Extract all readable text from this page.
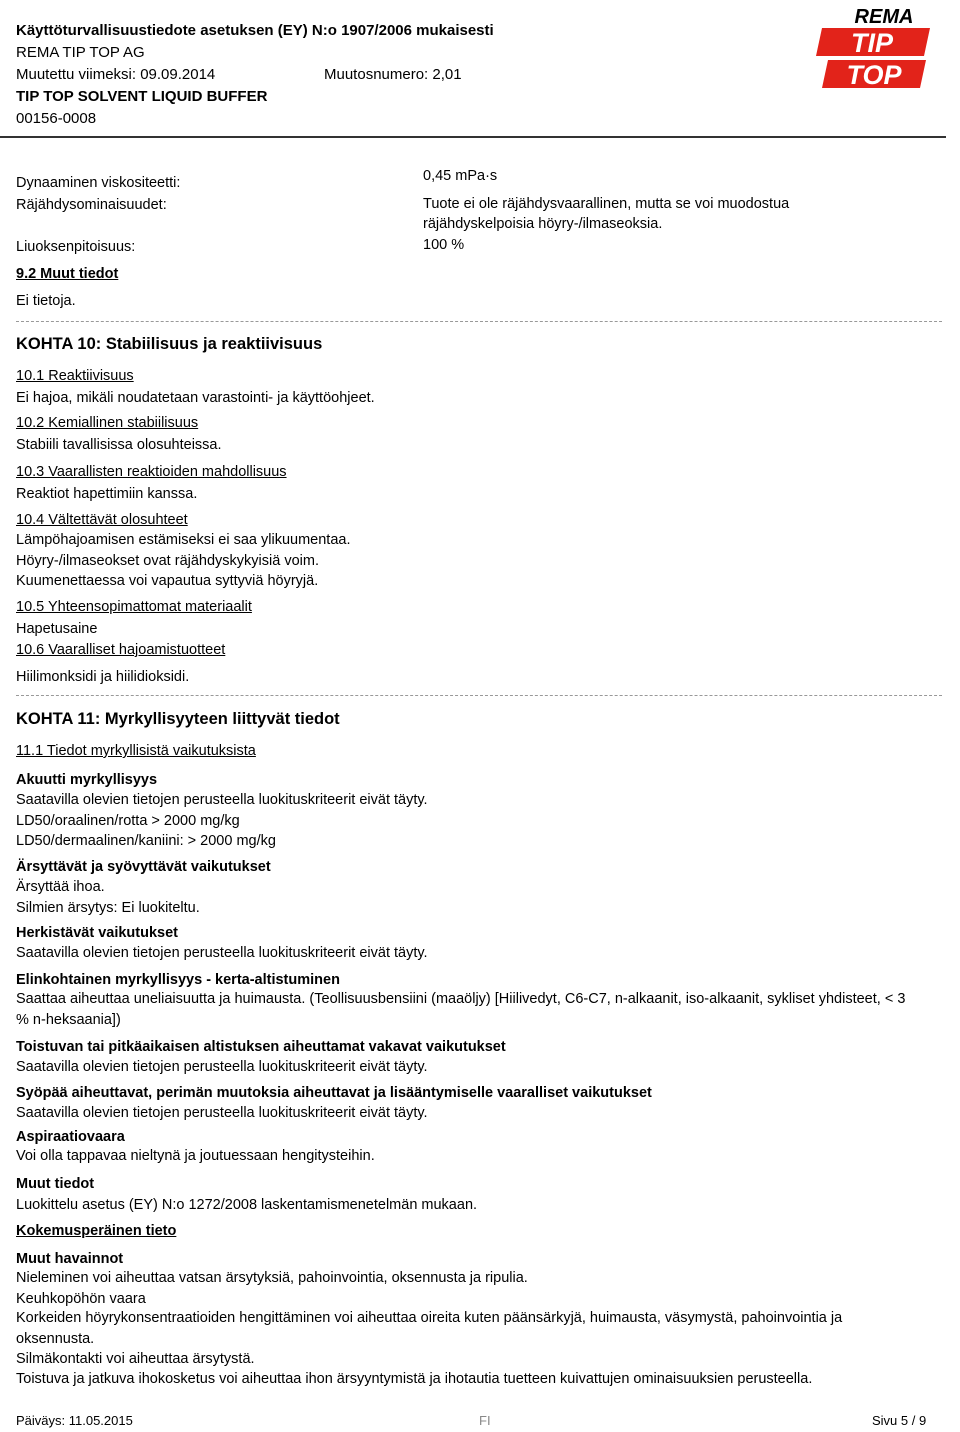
Käyttöturvallisuustiedote asetuksen (EY) N:o 1907/2006 mukaisesti
REMA TIP TOP AG
Muutettu viimeksi: 09.09.2014	Muutosnumero: 2,01
TIP TOP SOLVENT LIQUID BUFFER
00156-0008
REMA
TIP
TOP
Dynaaminen viskositeetti:	0,45 mPa·s
Räjähdysominaisuudet:	Tuote ei ole räjähdysvaarallinen, mutta se voi muodostua
räjähdyskelpoisia höyry-/ilmaseoksia.
Liuoksenpitoisuus:	100 %
9.2 Muut tiedot
Ei tietoja.
KOHTA 10: Stabiilisuus ja reaktiivisuus
10.1 Reaktiivisuus
Ei hajoa, mikäli noudatetaan varastointi- ja käyttöohjeet.
10.2 Kemiallinen stabiilisuus
Stabiili tavallisissa olosuhteissa.
10.3 Vaarallisten reaktioiden mahdollisuus
Reaktiot hapettimiin kanssa.
10.4 Vältettävät olosuhteet
Lämpöhajoamisen estämiseksi ei saa ylikuumentaa.
Höyry-/ilmaseokset ovat räjähdyskykyisiä voim.
Kuumenettaessa voi vapautua syttyviä höyryjä.
10.5 Yhteensopimattomat materiaalit
Hapetusaine
10.6 Vaaralliset hajoamistuotteet
Hiilimonksidi ja hiilidioksidi.
KOHTA 11: Myrkyllisyyteen liittyvät tiedot
11.1 Tiedot myrkyllisistä vaikutuksista
Akuutti myrkyllisyys
Saatavilla olevien tietojen perusteella luokituskriteerit eivät täyty.
LD50/oraalinen/rotta > 2000 mg/kg
LD50/dermaalinen/kaniini: > 2000 mg/kg
Ärsyttävät ja syövyttävät vaikutukset
Ärsyttää ihoa.
Silmien ärsytys: Ei luokiteltu.
Herkistävät vaikutukset
Saatavilla olevien tietojen perusteella luokituskriteerit eivät täyty.
Elinkohtainen myrkyllisyys - kerta-altistuminen
Saattaa aiheuttaa uneliaisuutta ja huimausta. (Teollisuusbensiini (maaöljy) [Hiilivedyt, C6-C7, n-alkaanit, iso-alkaanit, sykliset yhdisteet, < 3 % n-heksaania])
Toistuvan tai pitkäaikaisen altistuksen aiheuttamat vakavat vaikutukset
Saatavilla olevien tietojen perusteella luokituskriteerit eivät täyty.
Syöpää aiheuttavat, perimän muutoksia aiheuttavat ja lisääntymiselle vaaralliset vaikutukset
Saatavilla olevien tietojen perusteella luokituskriteerit eivät täyty.
Aspiraatiovaara
Voi olla tappavaa nieltynä ja joutuessaan hengitysteihin.
Muut tiedot
Luokittelu asetus (EY) N:o 1272/2008 laskentamismenetelmän mukaan.
Kokemusperäinen tieto
Muut havainnot
Nieleminen voi aiheuttaa vatsan ärsytyksiä, pahoinvointia, oksennusta ja ripulia.
Keuhkopöhön vaara
Korkeiden höyrykonsentraatioiden hengittäminen voi aiheuttaa oireita kuten päänsärkyjä, huimausta, väsymystä, pahoinvointia ja oksennusta.
Silmäkontakti voi aiheuttaa ärsytystä.
Toistuva ja jatkuva ihokosketus voi aiheuttaa ihon ärsyyntymistä ja ihotautia tuetteen kuivattujen ominaisuuksien perusteella.
Päiväys: 11.05.2015	FI	Sivu 5 / 9
